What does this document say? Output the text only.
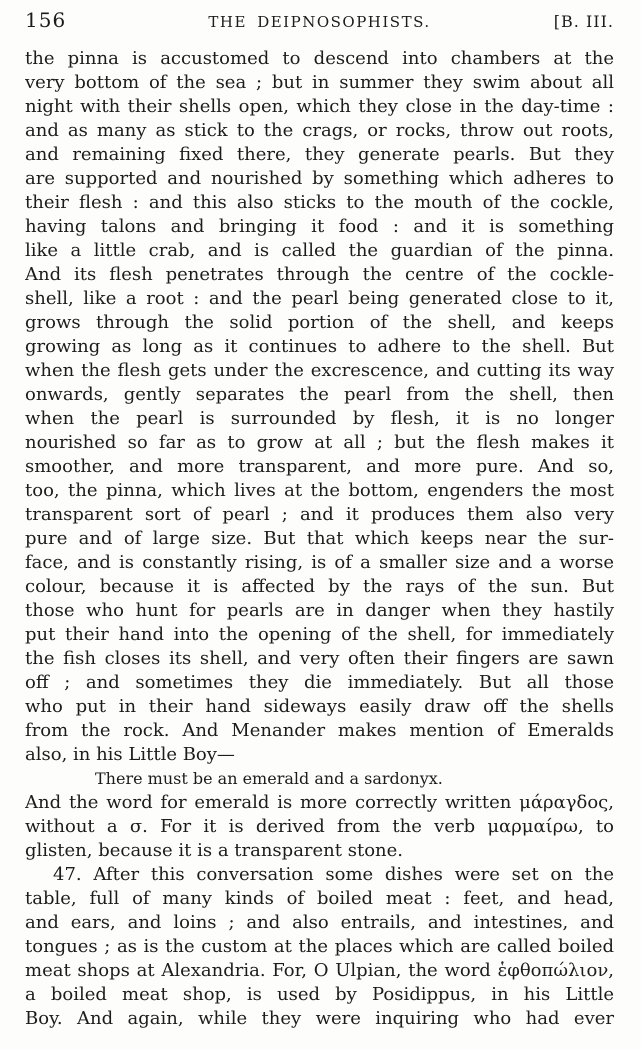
156	THE DEIPNOSOPHISTS.	[B. III.
the pinna is accustomed to descend into chambers at the
very bottom of the sea ; but in summer they swim about all
night with their shells open, which they close in the day-time :
and as many as stick to the crags, or rocks, throw out roots,
and remaining fixed there, they generate pearls. But they
are supported and nourished by something which adheres to
their flesh : and this also sticks to the mouth of the cockle,
having talons and bringing it food : and it is something
like a little crab, and is called the guardian of the pinna.
And its flesh penetrates through the centre of the cockle-
shell, like a root : and the pearl being generated close to it,
grows through the solid portion of the shell, and keeps
growing as long as it continues to adhere to the shell. But
when the flesh gets under the excrescence, and cutting its way
onwards, gently separates the pearl from the shell, then
when the pearl is surrounded by flesh, it is no longer
nourished so far as to grow at all ; but the flesh makes it
smoother, and more transparent, and more pure. And so,
too, the pinna, which lives at the bottom, engenders the most
transparent sort of pearl ; and it produces them also very
pure and of large size. But that which keeps near the sur-
face, and is constantly rising, is of a smaller size and a worse
colour, because it is affected by the rays of the sun. But
those who hunt for pearls are in danger when they hastily
put their hand into the opening of the shell, for immediately
the fish closes its shell, and very often their fingers are sawn
off ; and sometimes they die immediately. But all those
who put in their hand sideways easily draw off the shells
from the rock. And Menander makes mention of Emeralds
also, in his Little Boy—
There must be an emerald and a sardonyx.
And the word for emerald is more correctly written μάραγδος,
without a σ. For it is derived from the verb μαρμαίρω, to
glisten, because it is a transparent stone.
47. After this conversation some dishes were set on the
table, full of many kinds of boiled meat : feet, and head,
and ears, and loins ; and also entrails, and intestines, and
tongues ; as is the custom at the places which are called boiled
meat shops at Alexandria. For, O Ulpian, the word ἑφθοπώλιον,
a boiled meat shop, is used by Posidippus, in his Little
Boy. And again, while they were inquiring who had ever
